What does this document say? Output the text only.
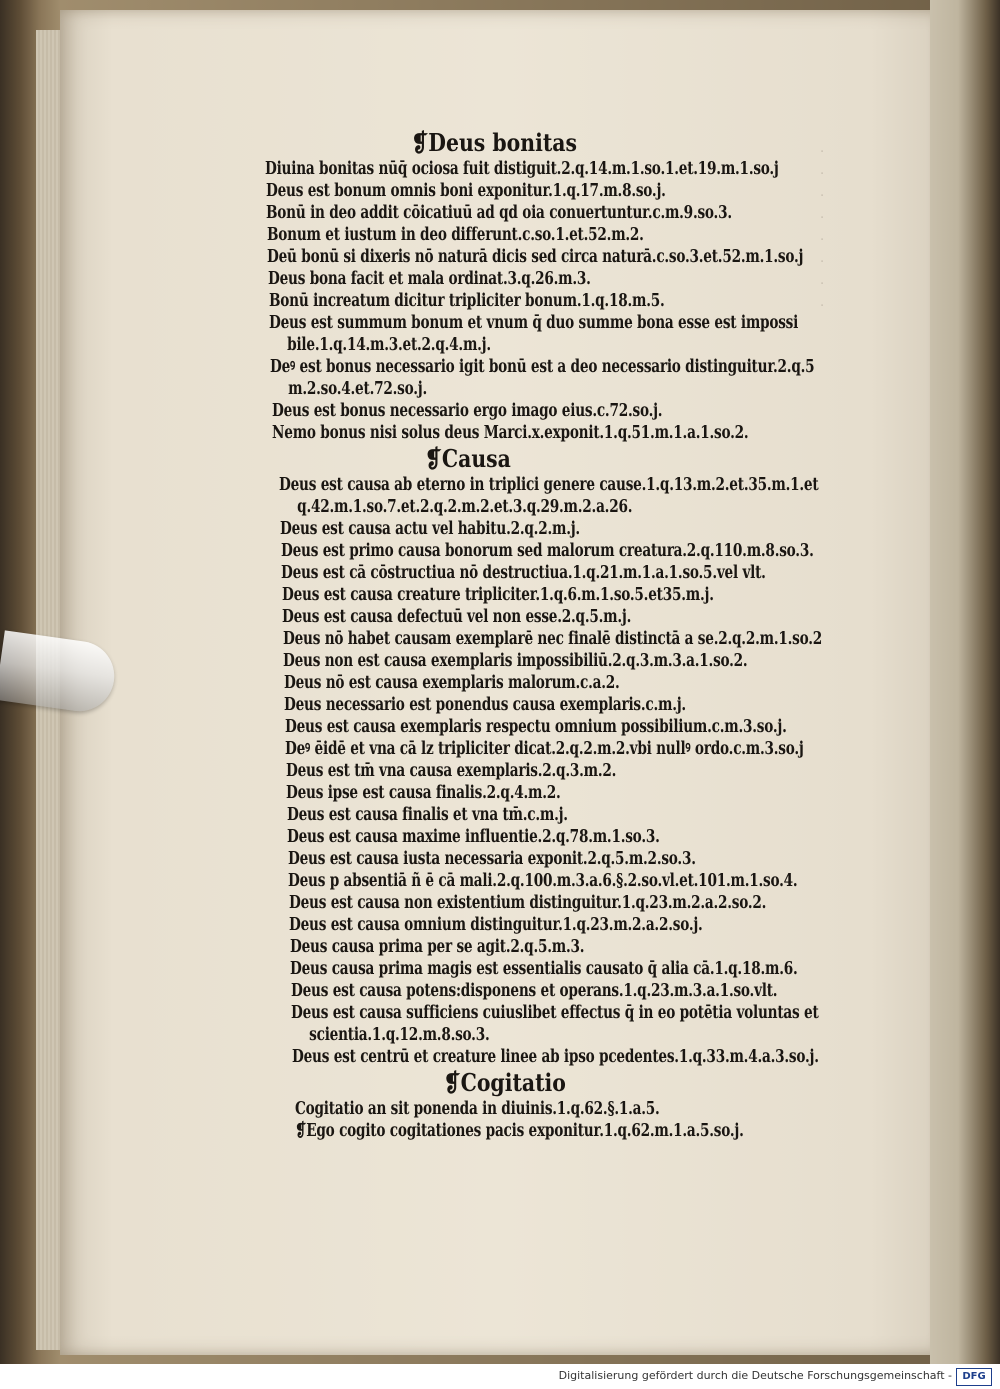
.
.
.
.
.
.
.
.
❡Deus bonitas
Diuina bonitas nūq̄ ociosa fuit distiguit.2.q.14.m.1.so.1.et.19.m.1.so.j
Deus est bonum omnis boni exponitur.1.q.17.m.8.so.j.
Bonū in deo addit cōicatiuū ad qd oia conuertuntur.c.m.9.so.3.
Bonum et iustum in deo differunt.c.so.1.et.52.m.2.
Deū bonū si dixeris nō naturā dicis sed circa naturā.c.so.3.et.52.m.1.so.j
Deus bona facit et mala ordinat.3.q.26.m.3.
Bonū increatum dicitur tripliciter bonum.1.q.18.m.5.
Deus est summum bonum et vnum q̄ duo summe bona esse est impossi
bile.1.q.14.m.3.et.2.q.4.m.j.
Deꝰ est bonus necessario igit bonū est a deo necessario distinguitur.2.q.5
m.2.so.4.et.72.so.j.
Deus est bonus necessario ergo imago eius.c.72.so.j.
Nemo bonus nisi solus deus Marci.x.exponit.1.q.51.m.1.a.1.so.2.
❡Causa
Deus est causa ab eterno in triplici genere cause.1.q.13.m.2.et.35.m.1.et
q.42.m.1.so.7.et.2.q.2.m.2.et.3.q.29.m.2.a.26.
Deus est causa actu vel habitu.2.q.2.m.j.
Deus est primo causa bonorum sed malorum creatura.2.q.110.m.8.so.3.
Deus est cā cōstructiua nō destructiua.1.q.21.m.1.a.1.so.5.vel vlt.
Deus est causa creature tripliciter.1.q.6.m.1.so.5.et35.m.j.
Deus est causa defectuū vel non esse.2.q.5.m.j.
Deus nō habet causam exemplarē nec finalē distinctā a se.2.q.2.m.1.so.2
Deus non est causa exemplaris impossibiliū.2.q.3.m.3.a.1.so.2.
Deus nō est causa exemplaris malorum.c.a.2.
Deus necessario est ponendus causa exemplaris.c.m.j.
Deus est causa exemplaris respectu omnium possibilium.c.m.3.so.j.
Deꝰ ēidē et vna cā lz tripliciter dicat.2.q.2.m.2.vbi nullꝰ ordo.c.m.3.so.j
Deus est tm̄ vna causa exemplaris.2.q.3.m.2.
Deus ipse est causa finalis.2.q.4.m.2.
Deus est causa finalis et vna tm̄.c.m.j.
Deus est causa maxime influentie.2.q.78.m.1.so.3.
Deus est causa iusta necessaria exponit.2.q.5.m.2.so.3.
Deus p absentiā ñ ē cā mali.2.q.100.m.3.a.6.§.2.so.vl.et.101.m.1.so.4.
Deus est causa non existentium distinguitur.1.q.23.m.2.a.2.so.2.
Deus est causa omnium distinguitur.1.q.23.m.2.a.2.so.j.
Deus causa prima per se agit.2.q.5.m.3.
Deus causa prima magis est essentialis causato q̄ alia cā.1.q.18.m.6.
Deus est causa potens:disponens et operans.1.q.23.m.3.a.1.so.vlt.
Deus est causa sufficiens cuiuslibet effectus q̄ in eo potētia voluntas et
scientia.1.q.12.m.8.so.3.
Deus est centrū et creature linee ab ipso pcedentes.1.q.33.m.4.a.3.so.j.
❡Cogitatio
Cogitatio an sit ponenda in diuinis.1.q.62.§.1.a.5.
❡Ego cogito cogitationes pacis exponitur.1.q.62.m.1.a.5.so.j.
Digitalisierung gefördert durch die Deutsche Forschungsgemeinschaft -	DFG
